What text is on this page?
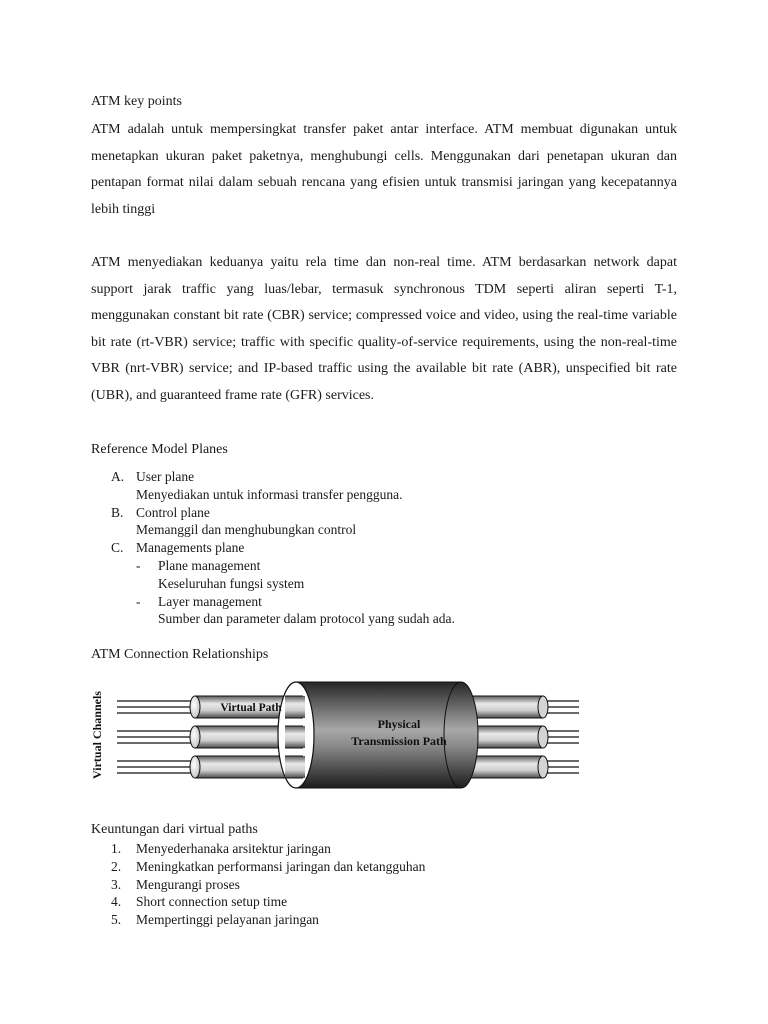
ATM key points

ATM adalah untuk mempersingkat transfer paket antar interface. ATM membuat digunakan untuk menetapkan ukuran paket paketnya, menghubungi cells. Menggunakan dari penetapan ukuran dan pentapan format nilai dalam sebuah rencana yang efisien untuk transmisi jaringan yang kecepatannya lebih tinggi

ATM menyediakan keduanya yaitu rela time dan non-real time. ATM berdasarkan network dapat support jarak traffic yang luas/lebar, termasuk synchronous TDM seperti aliran seperti T-1, menggunakan constant bit rate (CBR) service; compressed voice and video, using the real-time variable bit rate (rt-VBR) service; traffic with specific quality-of-service requirements, using the non-real-time VBR (nrt-VBR) service; and IP-based traffic using the available bit rate (ABR), unspecified bit rate (UBR), and guaranteed frame rate (GFR) services.

Reference Model Planes
A. User plane
Menyediakan untuk informasi transfer pengguna.
B. Control plane
Memanggil dan menghubungkan control
C. Managements plane
- Plane management
Keseluruhan fungsi system
- Layer management
Sumber dan parameter dalam protocol yang sudah ada.
ATM Connection Relationships
Virtual Channels	Virtual Path
Physical
Transmission Path
Keuntungan dari virtual paths
1. Menyederhanaka arsitektur jaringan
2. Meningkatkan performansi jaringan dan ketangguhan
3. Mengurangi proses
4. Short connection setup time
5. Mempertinggi pelayanan jaringan
